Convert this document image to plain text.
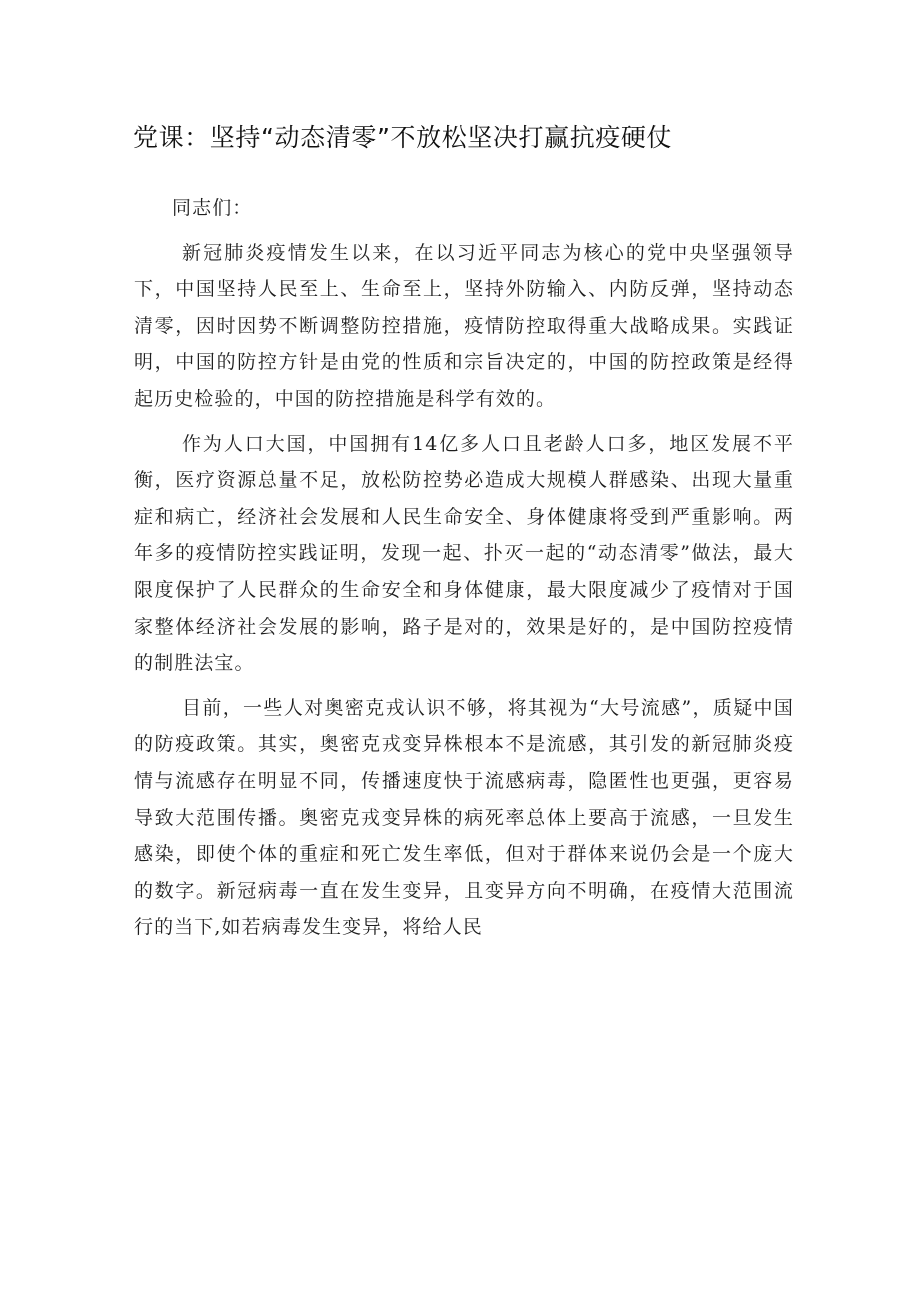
党课：坚持“动态清零”不放松坚决打赢抗疫硬仗

同志们：

新冠肺炎疫情发生以来，在以习近平同志为核心的党中央坚强领导下，中国坚持人民至上、生命至上，坚持外防输入、内防反弹，坚持动态清零，因时因势不断调整防控措施，疫情防控取得重大战略成果。实践证明，中国的防控方针是由党的性质和宗旨决定的，中国的防控政策是经得起历史检验的，中国的防控措施是科学有效的。

作为人口大国，中国拥有14亿多人口且老龄人口多，地区发展不平衡，医疗资源总量不足，放松防控势必造成大规模人群感染、出现大量重症和病亡，经济社会发展和人民生命安全、身体健康将受到严重影响。两年多的疫情防控实践证明，发现一起、扑灭一起的“动态清零”做法，最大限度保护了人民群众的生命安全和身体健康，最大限度减少了疫情对于国家整体经济社会发展的影响，路子是对的，效果是好的，是中国防控疫情的制胜法宝。

目前，一些人对奥密克戎认识不够，将其视为“大号流感”，质疑中国的防疫政策。其实，奥密克戎变异株根本不是流感，其引发的新冠肺炎疫情与流感存在明显不同，传播速度快于流感病毒，隐匿性也更强，更容易导致大范围传播。奥密克戎变异株的病死率总体上要高于流感，一旦发生感染，即使个体的重症和死亡发生率低，但对于群体来说仍会是一个庞大的数字。新冠病毒一直在发生变异，且变异方向不明确，在疫情大范围流行的当下,如若病毒发生变异，将给人民
